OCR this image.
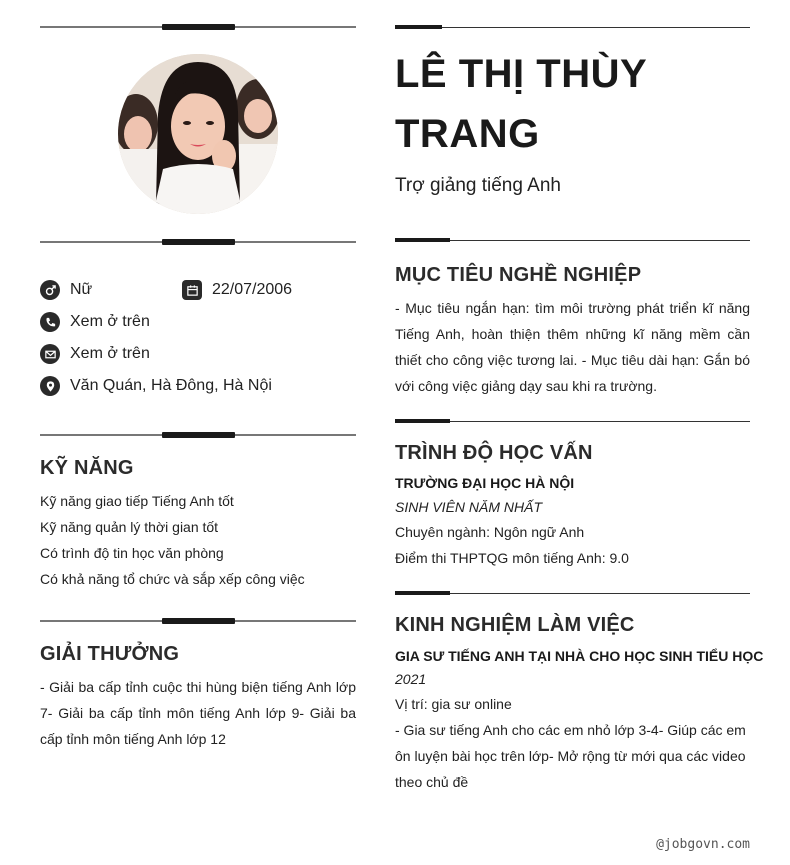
Nữ	22/07/2006
Xem ở trên
Xem ở trên
Văn Quán, Hà Đông, Hà Nội
KỸ NĂNG
Kỹ năng giao tiếp Tiếng Anh tốt
Kỹ năng quản lý thời gian tốt
Có trình độ tin học văn phòng
Có khả năng tổ chức và sắp xếp công việc
GIẢI THƯỞNG
- Giải ba cấp tỉnh cuộc thi hùng biện tiếng Anh lớp 7- Giải ba cấp tỉnh môn tiếng Anh lớp 9- Giải ba cấp tỉnh môn tiếng Anh lớp 12
LÊ THỊ THÙY TRANG
Trợ giảng tiếng Anh
MỤC TIÊU NGHỀ NGHIỆP
- Mục tiêu ngắn hạn: tìm môi trường phát triển kĩ năng Tiếng Anh, hoàn thiện thêm những kĩ năng mềm cần thiết cho công việc tương lai. - Mục tiêu dài hạn: Gắn bó với công việc giảng dạy sau khi ra trường.
TRÌNH ĐỘ HỌC VẤN
TRƯỜNG ĐẠI HỌC HÀ NỘI
SINH VIÊN NĂM NHẤT
Chuyên ngành: Ngôn ngữ Anh
Điểm thi THPTQG môn tiếng Anh: 9.0
KINH NGHIỆM LÀM VIỆC
GIA SƯ TIẾNG ANH TẠI NHÀ CHO HỌC SINH TIỂU HỌC
2021
Vị trí: gia sư online
- Gia sư tiếng Anh cho các em nhỏ lớp 3-4- Giúp các em ôn luyện bài học trên lớp- Mở rộng từ mới qua các video theo chủ đề
@jobgovn.com
